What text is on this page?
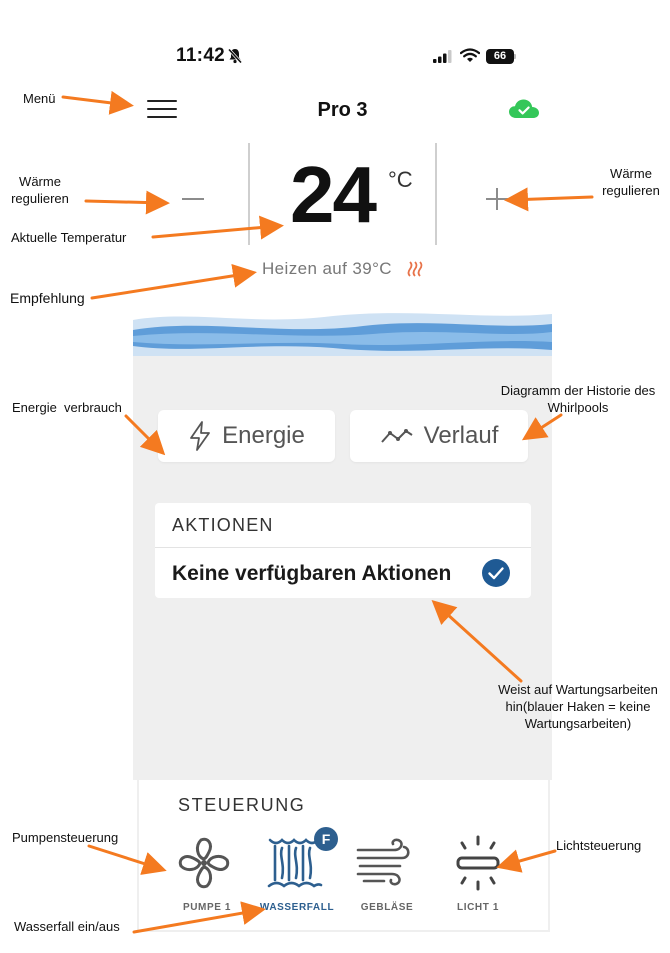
11:42	66
Pro 3
24 °C
Heizen auf 39°C
Energie	Verlauf
AKTIONEN
Keine verfügbaren Aktionen
STEUERUNG
F
PUMPE 1	WASSERFALL	GEBLÄSE	LICHT 1
Menü
Wärme
regulieren
Wärme
regulieren
Aktuelle Temperatur
Empfehlung
Energie  verbrauch
Diagramm der Historie des
Whirlpools
Weist auf Wartungsarbeiten
hin(blauer Haken = keine
Wartungsarbeiten)
Pumpensteuerung
Lichtsteuerung
Wasserfall ein/aus
